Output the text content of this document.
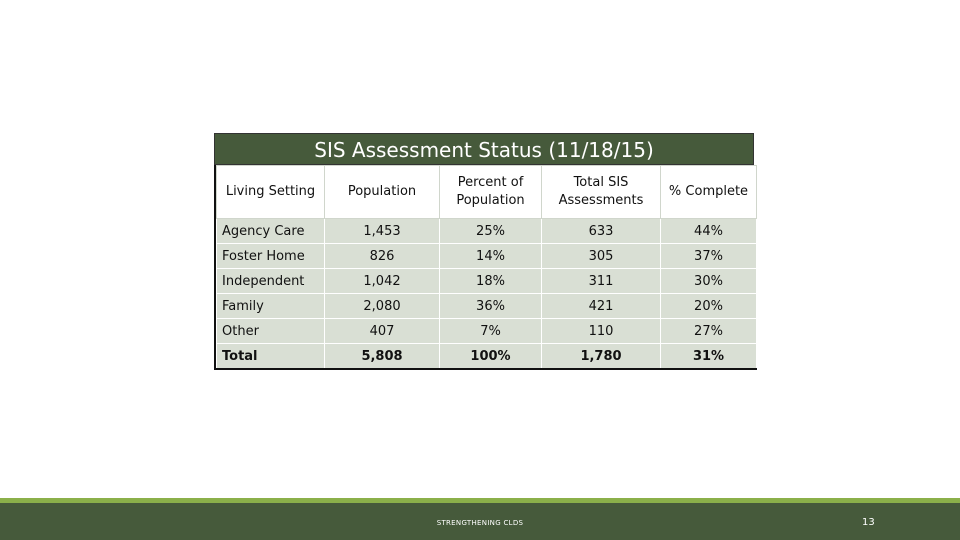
SIS Assessment Status (11/18/15)
Living Setting	Population	Percent of Population	Total SIS Assessments	% Complete
Agency Care	1,453	25%	633	44%
Foster Home	826	14%	305	37%
Independent	1,042	18%	311	30%
Family	2,080	36%	421	20%
Other	407	7%	110	27%
Total	5,808	100%	1,780	31%
STRENGTHENING CLDS	13
